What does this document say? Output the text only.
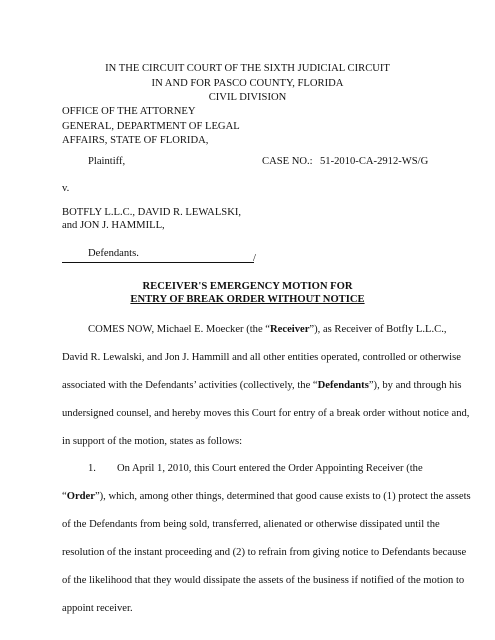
IN THE CIRCUIT COURT OF THE SIXTH JUDICIAL CIRCUIT
IN AND FOR PASCO COUNTY, FLORIDA
CIVIL DIVISION
OFFICE OF THE ATTORNEY
GENERAL, DEPARTMENT OF LEGAL
AFFAIRS, STATE OF FLORIDA,
Plaintiff,	CASE NO.: 51-2010-CA-2912-WS/G
v.
BOTFLY L.L.C., DAVID R. LEWALSKI,
and JON J. HAMMILL,
Defendants.	/
RECEIVER'S EMERGENCY MOTION FOR
ENTRY OF BREAK ORDER WITHOUT NOTICE
COMES NOW, Michael E. Moecker (the “Receiver”), as Receiver of Botfly L.L.C.,
David R. Lewalski, and Jon J. Hammill and all other entities operated, controlled or otherwise
associated with the Defendants’ activities (collectively, the “Defendants”), by and through his
undersigned counsel, and hereby moves this Court for entry of a break order without notice and,
in support of the motion, states as follows:
1. On April 1, 2010, this Court entered the Order Appointing Receiver (the
“Order”), which, among other things, determined that good cause exists to (1) protect the assets
of the Defendants from being sold, transferred, alienated or otherwise dissipated until the
resolution of the instant proceeding and (2) to refrain from giving notice to Defendants because
of the likelihood that they would dissipate the assets of the business if notified of the motion to
appoint receiver.
